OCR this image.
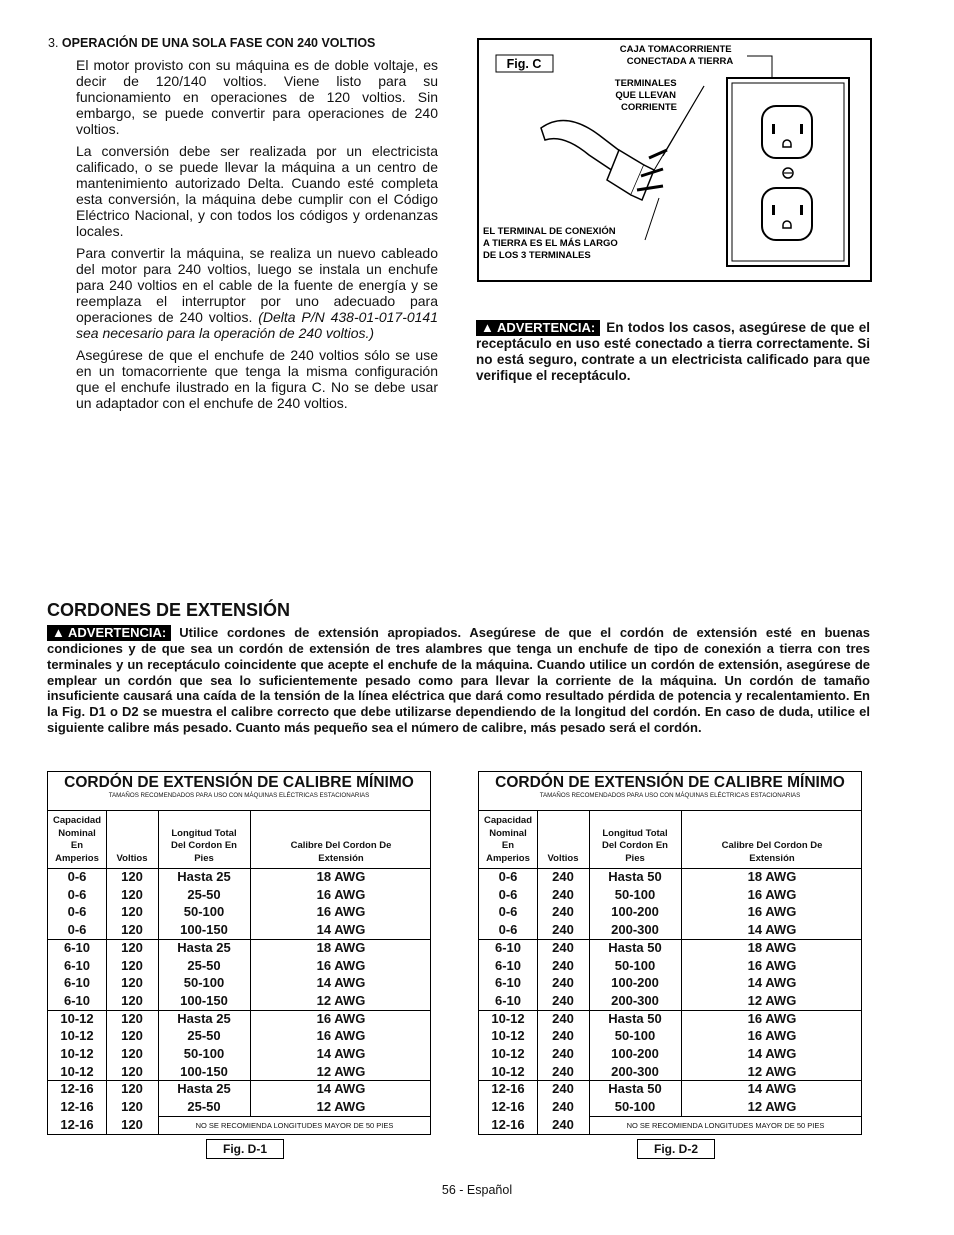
3. OPERACIÓN DE UNA SOLA FASE CON 240 VOLTIOS

El motor provisto con su máquina es de doble voltaje, es decir de 120/140 voltios. Viene listo para su funcionamiento en operaciones de 120 voltios. Sin embargo, se puede convertir para operaciones de 240 voltios.

La conversión debe ser realizada por un electricista calificado, o se puede llevar la máquina a un centro de mantenimiento autorizado Delta. Cuando esté completa esta conversión, la máquina debe cumplir con el Código Eléctrico Nacional, y con todos los códigos y ordenanzas locales.

Para convertir la máquina, se realiza un nuevo cableado del motor para 240 voltios, luego se instala un enchufe para 240 voltios en el cable de la fuente de energía y se reemplaza el interruptor por uno adecuado para operaciones de 240 voltios. (Delta P/N 438-01-017-0141 sea necesario para la operación de 240 voltios.)

Asegúrese de que el enchufe de 240 voltios sólo se use en un tomacorriente que tenga la misma configuración que el enchufe ilustrado en la figura C. No se debe usar un adaptador con el enchufe de 240 voltios.

Fig. C
CAJA TOMACORRIENTE CONECTADA A TIERRA
TERMINALES QUE LLEVAN CORRIENTE
EL TERMINAL DE CONEXIÓN A TIERRA ES EL MÁS LARGO DE LOS 3 TERMINALES
▲ ADVERTENCIA: En todos los casos, asegúrese de que el receptáculo en uso esté conectado a tierra correctamente. Si no está seguro, contrate a un electricista calificado para que verifique el receptáculo.
CORDONES DE EXTENSIÓN
▲ ADVERTENCIA: Utilice cordones de extensión apropiados. Asegúrese de que el cordón de extensión esté en buenas condiciones y de que sea un cordón de extensión de tres alambres que tenga un enchufe de tipo de conexión a tierra con tres terminales y un receptáculo coincidente que acepte el enchufe de la máquina. Cuando utilice un cordón de extensión, asegúrese de emplear un cordón que sea lo suficientemente pesado como para llevar la corriente de la máquina. Un cordón de tamaño insuficiente causará una caída de la tensión de la línea eléctrica que dará como resultado pérdida de potencia y recalentamiento. En la Fig. D1 o D2 se muestra el calibre correcto que debe utilizarse dependiendo de la longitud del cordón. En caso de duda, utilice el siguiente calibre más pesado. Cuanto más pequeño sea el número de calibre, más pesado será el cordón.
CORDÓN DE EXTENSIÓN DE CALIBRE MÍNIMO
TAMAÑOS RECOMENDADOS PARA USO CON MÁQUINAS ELÉCTRICAS ESTACIONARIAS
Capacidad
Nominal
En
Amperios	Voltios
Longitud Total
Del Cordon En
Pies
Calibre Del Cordon De
Extensión
0-6	120	Hasta 25	18 AWG
0-6	120	25-50	16 AWG
0-6	120	50-100	16 AWG
0-6	120	100-150	14 AWG
6-10	120	Hasta 25	18 AWG
6-10	120	25-50	16 AWG
6-10	120	50-100	14 AWG
6-10	120	100-150	12 AWG
10-12	120	Hasta 25	16 AWG
10-12	120	25-50	16 AWG
10-12	120	50-100	14 AWG
10-12	120	100-150	12 AWG
12-16	120	Hasta 25	14 AWG
12-16	120	25-50	12 AWG
12-16	120	NO SE RECOMIENDA LONGITUDES MAYOR DE 50 PIES
Fig. D-1
CORDÓN DE EXTENSIÓN DE CALIBRE MÍNIMO
TAMAÑOS RECOMENDADOS PARA USO CON MÁQUINAS ELÉCTRICAS ESTACIONARIAS
Capacidad
Nominal
En
Amperios	Voltios
Longitud Total
Del Cordon En
Pies
Calibre Del Cordon De
Extensión
0-6	240	Hasta 50	18 AWG
0-6	240	50-100	16 AWG
0-6	240	100-200	16 AWG
0-6	240	200-300	14 AWG
6-10	240	Hasta 50	18 AWG
6-10	240	50-100	16 AWG
6-10	240	100-200	14 AWG
6-10	240	200-300	12 AWG
10-12	240	Hasta 50	16 AWG
10-12	240	50-100	16 AWG
10-12	240	100-200	14 AWG
10-12	240	200-300	12 AWG
12-16	240	Hasta 50	14 AWG
12-16	240	50-100	12 AWG
12-16	240	NO SE RECOMIENDA LONGITUDES MAYOR DE 50 PIES
Fig. D-2
56 - Español
